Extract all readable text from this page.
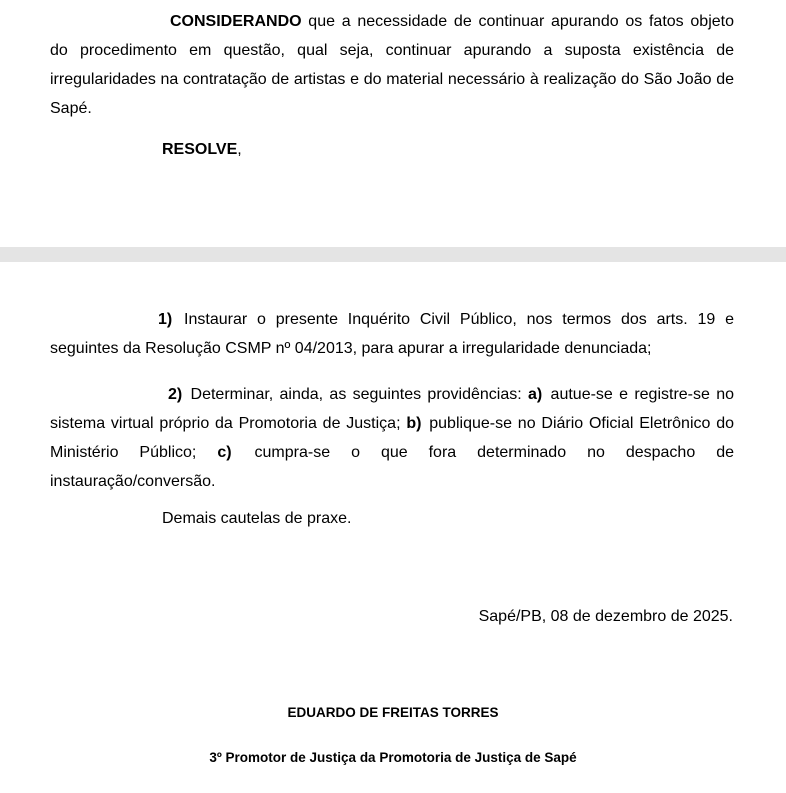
CONSIDERANDO que a necessidade de continuar apurando os fatos objeto do procedimento em questão, qual seja, continuar apurando a suposta existência de irregularidades na contratação de artistas e do material necessário à realização do São João de Sapé.

RESOLVE,

1) Instaurar o presente Inquérito Civil Público, nos termos dos arts. 19 e seguintes da Resolução CSMP nº 04/2013, para apurar a irregularidade denunciada;

2) Determinar, ainda, as seguintes providências: a) autue-se e registre-se no sistema virtual próprio da Promotoria de Justiça; b) publique-se no Diário Oficial Eletrônico do Ministério Público; c) cumpra-se o que fora determinado no despacho de instauração/conversão.

Demais cautelas de praxe.

Sapé/PB, 08 de dezembro de 2025.

EDUARDO DE FREITAS TORRES

3º Promotor de Justiça da Promotoria de Justiça de Sapé
